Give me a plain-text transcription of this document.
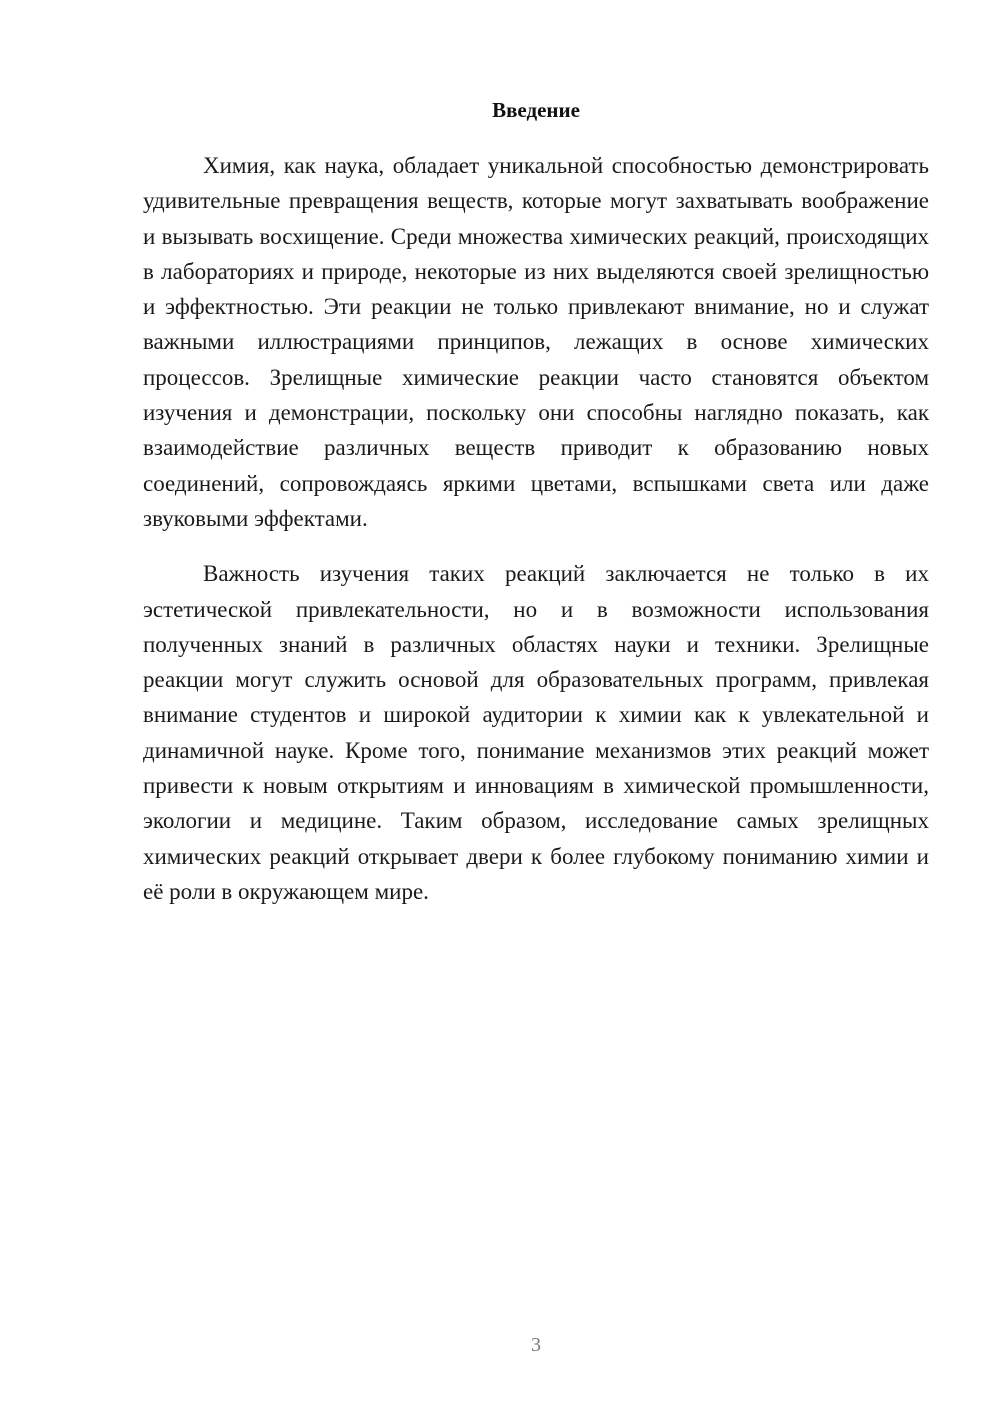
Введение

Химия, как наука, обладает уникальной способностью демонстрировать удивительные превращения веществ, которые могут захватывать воображение и вызывать восхищение. Среди множества химических реакций, происходящих в лабораториях и природе, некоторые из них выделяются своей зрелищностью и эффектностью. Эти реакции не только привлекают внимание, но и служат важными иллюстрациями принципов, лежащих в основе химических процессов. Зрелищные химические реакции часто становятся объектом изучения и демонстрации, поскольку они способны наглядно показать, как взаимодействие различных веществ приводит к образованию новых соединений, сопровождаясь яркими цветами, вспышками света или даже звуковыми эффектами.

Важность изучения таких реакций заключается не только в их эстетической привлекательности, но и в возможности использования полученных знаний в различных областях науки и техники. Зрелищные реакции могут служить основой для образовательных программ, привлекая внимание студентов и широкой аудитории к химии как к увлекательной и динамичной науке. Кроме того, понимание механизмов этих реакций может привести к новым открытиям и инновациям в химической промышленности, экологии и медицине. Таким образом, исследование самых зрелищных химических реакций открывает двери к более глубокому пониманию химии и её роли в окружающем мире.

3
